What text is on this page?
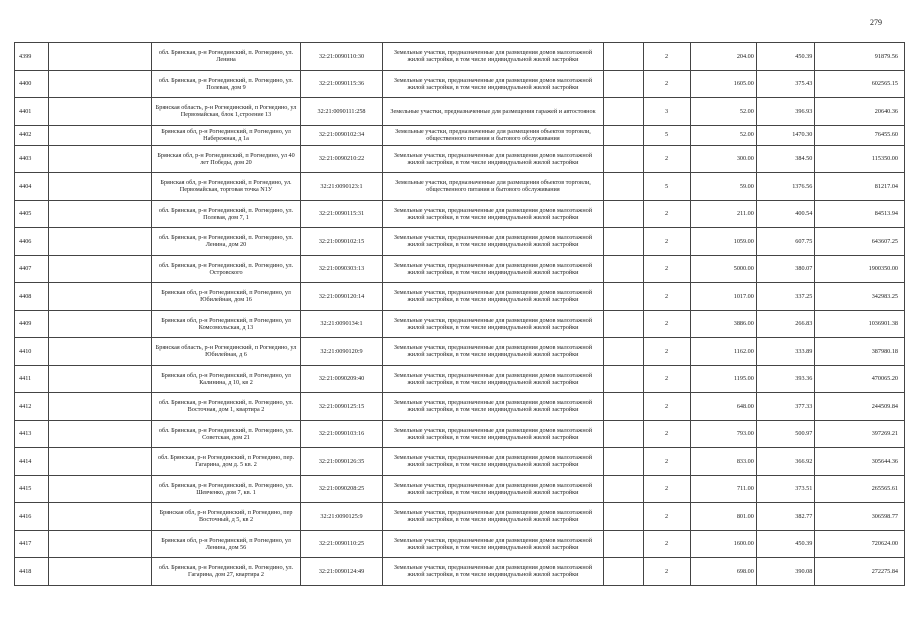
279
4399		обл. Брянская, р-н Рогнединский, п. Рогнедино, ул. Ленина	32:21:0090110:30	Земельные участки, предназначенные для размещения домов малоэтажной жилой застройки, в том числе индивидуальной жилой застройки		2	204.00	450.39	91879.56
4400		обл. Брянская, р-н Рогнединский, п. Рогнедино, ул. Полевая, дом 9	32:21:0090115:36	Земельные участки, предназначенные для размещения домов малоэтажной жилой застройки, в том числе индивидуальной жилой застройки		2	1605.00	375.43	602565.15
4401		Брянская область, р-н Рогнединский, п Рогнедино, ул Первомайская, блок 1,строение 13	32:21:0090111:258	Земельные участки, предназначенные для размещения гаражей и автостоянок		3	52.00	396.93	20640.36
4402		Брянская обл, р-н Рогнединский, п Рогнедино, ул Набережная, д 1а	32:21:0090102:34	Земельные участки, предназначенные для размещения объектов торговли, общественного питания и бытового обслуживания		5	52.00	1470.30	76455.60
4403		Брянская обл, р-н Рогнединский, п Рогнедино, ул 40 лет Победы, дом 20	32:21:0090210:22	Земельные участки, предназначенные для размещения домов малоэтажной жилой застройки, в том числе индивидуальной жилой застройки		2	300.00	384.50	115350.00
4404		Брянская обл, р-н Рогнединский, п Рогнедино, ул. Первомайская, торговая точка N1У	32:21:0090123:1	Земельные участки, предназначенные для размещения объектов торговли, общественного питания и бытового обслуживания		5	59.00	1376.56	81217.04
4405		обл. Брянская, р-н Рогнединский, п. Рогнедино, ул. Полевая, дом 7, 1	32:21:0090115:31	Земельные участки, предназначенные для размещения домов малоэтажной жилой застройки, в том числе индивидуальной жилой застройки		2	211.00	400.54	84513.94
4406		обл. Брянская, р-н Рогнединский, п. Рогнедино, ул. Ленина, дом 20	32:21:0090102:15	Земельные участки, предназначенные для размещения домов малоэтажной жилой застройки, в том числе индивидуальной жилой застройки		2	1059.00	607.75	643607.25
4407		обл. Брянская, р-н Рогнединский, п. Рогнедино, ул. Островского	32:21:0090303:13	Земельные участки, предназначенные для размещения домов малоэтажной жилой застройки, в том числе индивидуальной жилой застройки		2	5000.00	380.07	1900350.00
4408		Брянская обл, р-н Рогнединский, п Рогнедино, ул Юбилейная, дом 16	32:21:0090120:14	Земельные участки, предназначенные для размещения домов малоэтажной жилой застройки, в том числе индивидуальной жилой застройки		2	1017.00	337.25	342983.25
4409		Брянская обл, р-н Рогнединский, п Рогнедино, ул Комсомольская, д 13	32:21:0090134:1	Земельные участки, предназначенные для размещения домов малоэтажной жилой застройки, в том числе индивидуальной жилой застройки		2	3886.00	266.83	1036901.38
4410		Брянская область, р-н Рогнединский, п Рогнедино, ул Юбилейная, д 6	32:21:0090120:9	Земельные участки, предназначенные для размещения домов малоэтажной жилой застройки, в том числе индивидуальной жилой застройки		2	1162.00	333.89	387980.18
4411		Брянская обл, р-н Рогнединский, п Рогнедино, ул Калинина, д 10, кв 2	32:21:0090209:40	Земельные участки, предназначенные для размещения домов малоэтажной жилой застройки, в том числе индивидуальной жилой застройки		2	1195.00	393.36	470065.20
4412		обл. Брянская, р-н Рогнединский, п. Рогнедино, ул. Восточная, дом 1, квартира 2	32:21:0090125:15	Земельные участки, предназначенные для размещения домов малоэтажной жилой застройки, в том числе индивидуальной жилой застройки		2	648.00	377.33	244509.84
4413		обл. Брянская, р-н Рогнединский, п. Рогнедино, ул. Советская, дом 21	32:21:0090103:16	Земельные участки, предназначенные для размещения домов малоэтажной жилой застройки, в том числе индивидуальной жилой застройки		2	793.00	500.97	397269.21
4414		обл. Брянская, р-н Рогнединский, п Рогнедино, пер. Гагарина, дом д. 5 кв. 2	32:21:0090126:35	Земельные участки, предназначенные для размещения домов малоэтажной жилой застройки, в том числе индивидуальной жилой застройки		2	833.00	366.92	305644.36
4415		обл. Брянская, р-н Рогнединский, п. Рогнедино, ул. Шевченко, дом 7, кв. 1	32:21:0090208:25	Земельные участки, предназначенные для размещения домов малоэтажной жилой застройки, в том числе индивидуальной жилой застройки		2	711.00	373.51	265565.61
4416		Брянская обл, р-н Рогнединский, п Рогнедино, пер Восточный, д 5, кв 2	32:21:0090125:9	Земельные участки, предназначенные для размещения домов малоэтажной жилой застройки, в том числе индивидуальной жилой застройки		2	801.00	382.77	306598.77
4417		Брянская обл, р-н Рогнединский, п Рогнедино, ул Ленина, дом 56	32:21:0090110:25	Земельные участки, предназначенные для размещения домов малоэтажной жилой застройки, в том числе индивидуальной жилой застройки		2	1600.00	450.39	720624.00
4418		обл. Брянская, р-н Рогнединский, п. Рогнедино, ул. Гагарина, дом 27, квартира 2	32:21:0090124:49	Земельные участки, предназначенные для размещения домов малоэтажной жилой застройки, в том числе индивидуальной жилой застройки		2	698.00	390.08	272275.84
